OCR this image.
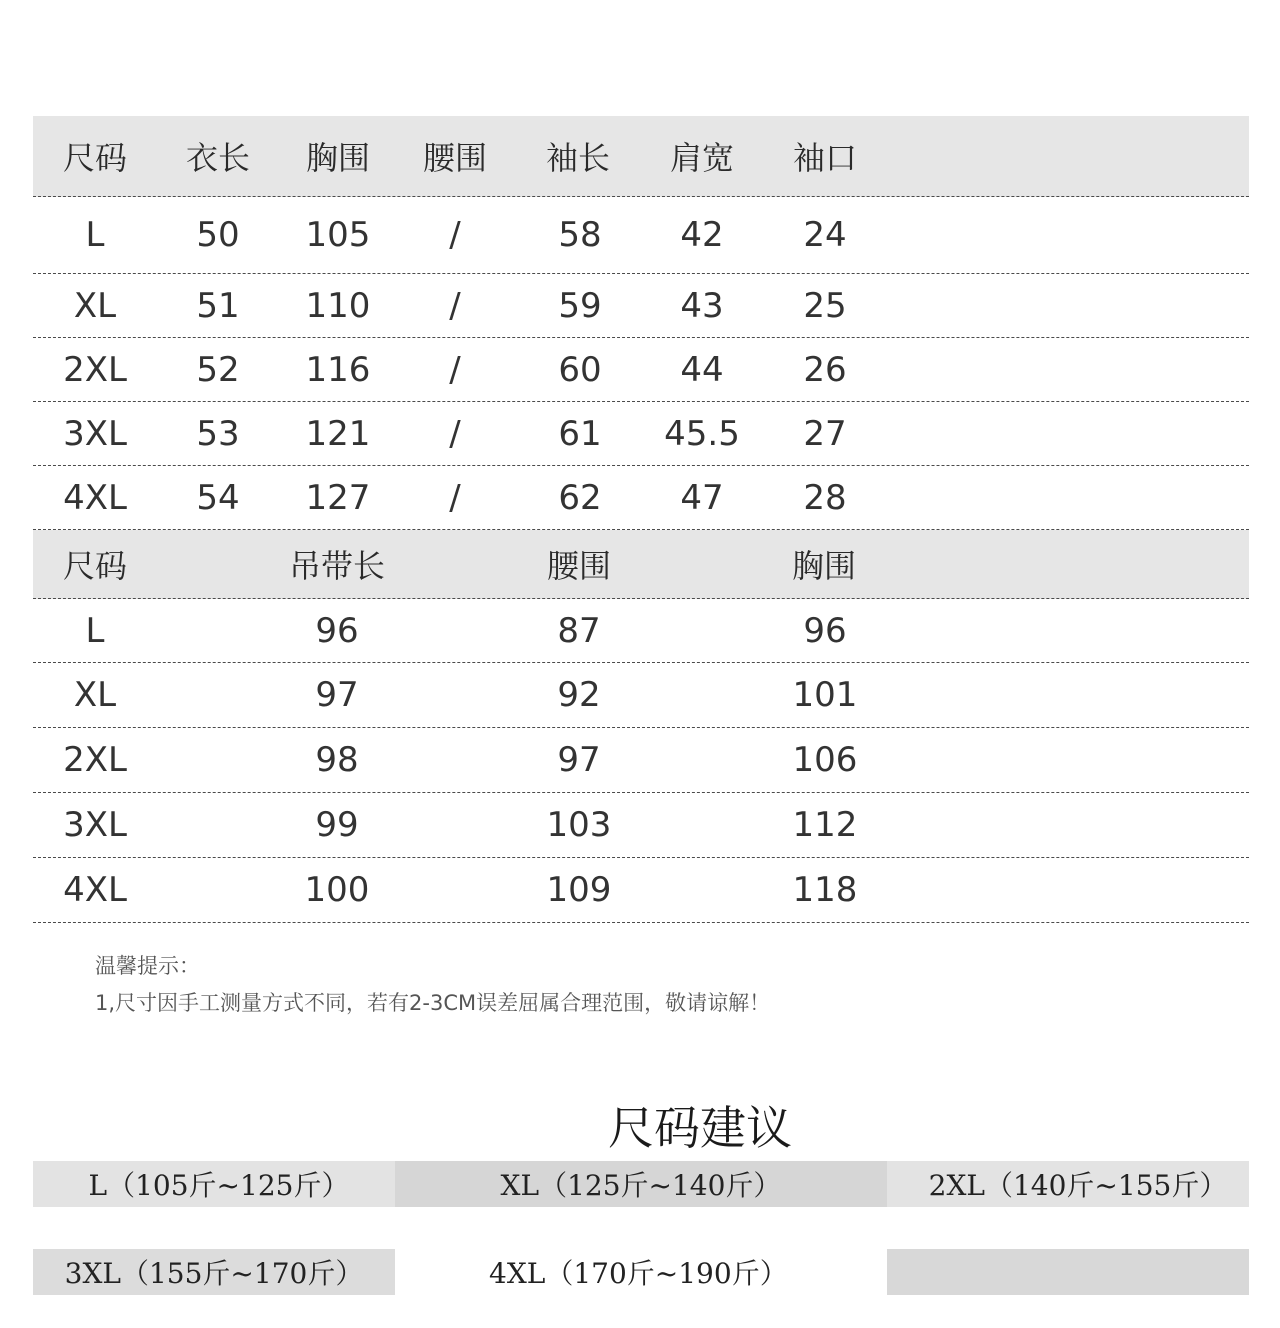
尺码	衣长	胸围	腰围	袖长	肩宽	袖口
L	50	105	/	58	42	24
XL	51	110	/	59	43	25
2XL	52	116	/	60	44	26
3XL	53	121	/	61	45.5	27
4XL	54	127	/	62	47	28
尺码	吊带长	腰围	胸围
L	96	87	96
XL	97	92	101
2XL	98	97	106
3XL	99	103	112
4XL	100	109	118
温馨提示：
1,尺寸因手工测量方式不同，若有2-3CM误差屈属合理范围，敬请谅解！
尺码建议
L（105斤~125斤）	XL（125斤~140斤）	2XL（140斤~155斤）
3XL（155斤~170斤）	4XL（170斤~190斤）
